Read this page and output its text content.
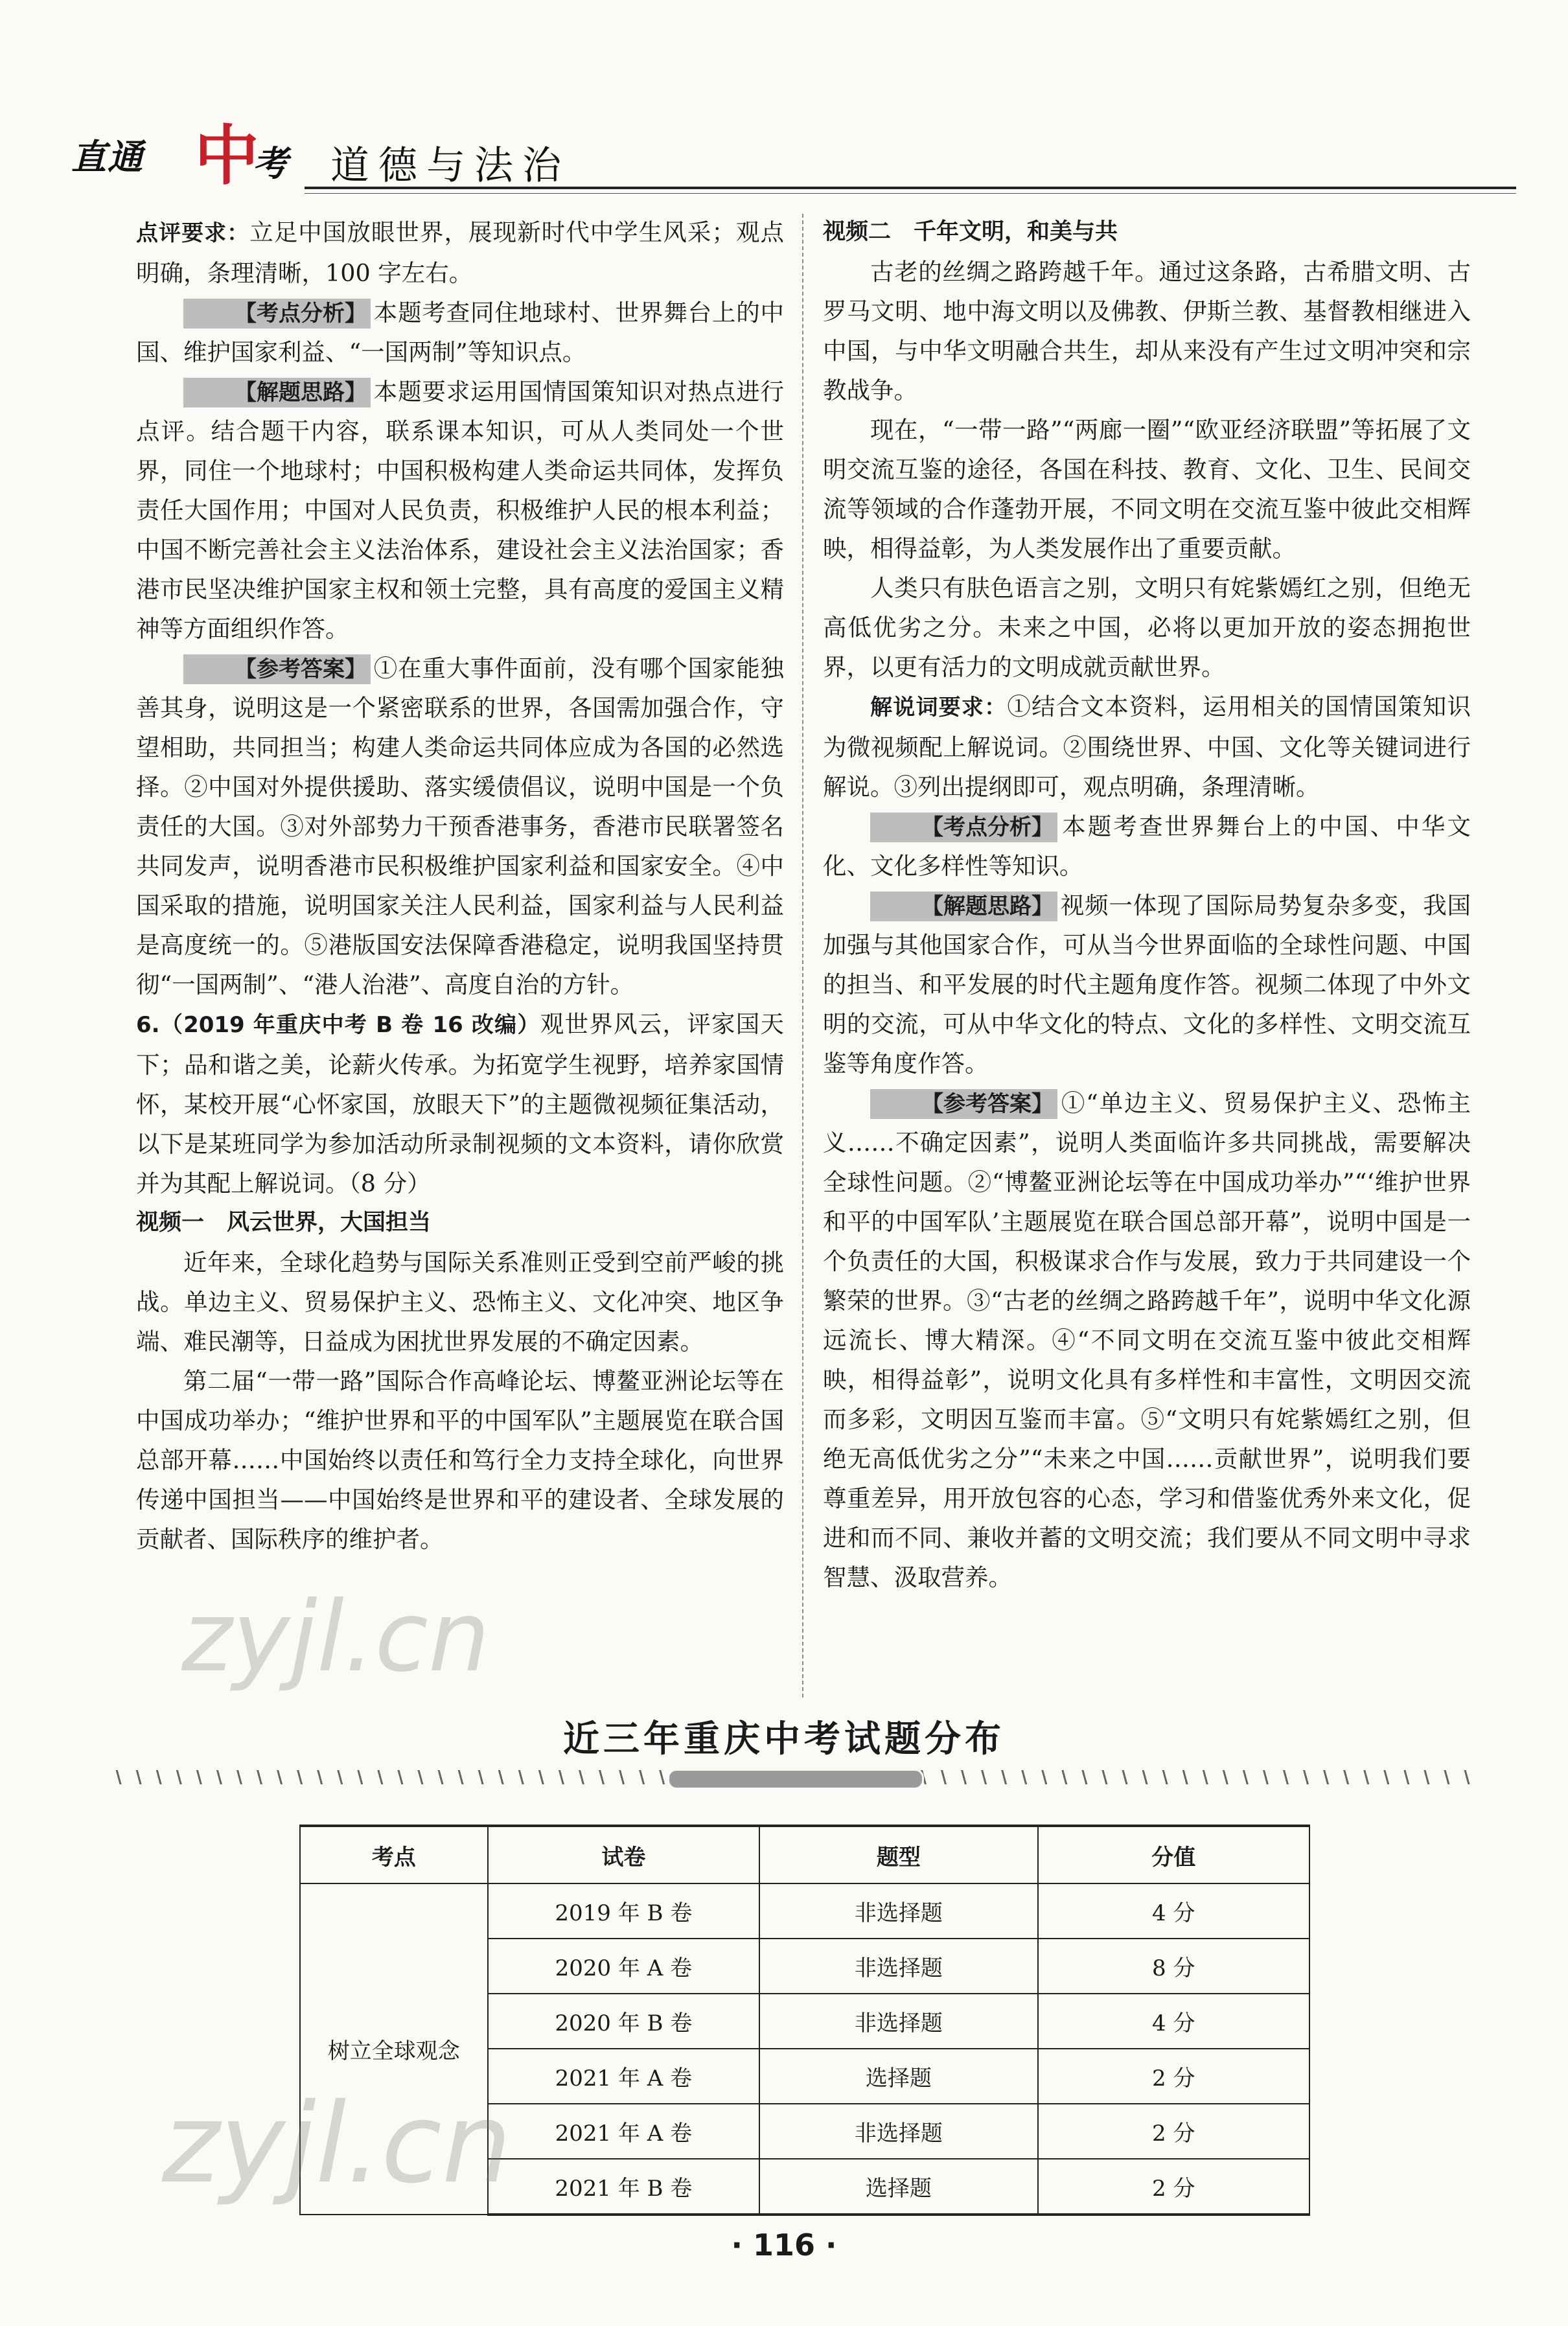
直通 中
考 道德与法治

点评要求：立足中国放眼世界，展现新时代中学生风采；观点明确，条理清晰，100 字左右。

【考点分析】 本题考查同住地球村、世界舞台上的中国、维护国家利益、“一国两制”等知识点。

【解题思路】 本题要求运用国情国策知识对热点进行点评。结合题干内容，联系课本知识，可从人类同处一个世界，同住一个地球村；中国积极构建人类命运共同体，发挥负责任大国作用；中国对人民负责，积极维护人民的根本利益；中国不断完善社会主义法治体系，建设社会主义法治国家；香港市民坚决维护国家主权和领土完整，具有高度的爱国主义精神等方面组织作答。

【参考答案】 ①在重大事件面前，没有哪个国家能独善其身，说明这是一个紧密联系的世界，各国需加强合作，守望相助，共同担当；构建人类命运共同体应成为各国的必然选择。②中国对外提供援助、落实缓债倡议，说明中国是一个负责任的大国。③对外部势力干预香港事务，香港市民联署签名共同发声，说明香港市民积极维护国家利益和国家安全。④中国采取的措施，说明国家关注人民利益，国家利益与人民利益是高度统一的。⑤港版国安法保障香港稳定，说明我国坚持贯彻“一国两制”、“港人治港”、高度自治的方针。

6.（2019 年重庆中考 B 卷 16 改编）观世界风云，评家国天下；品和谐之美，论薪火传承。为拓宽学生视野，培养家国情怀，某校开展“心怀家国，放眼天下”的主题微视频征集活动，以下是某班同学为参加活动所录制视频的文本资料，请你欣赏并为其配上解说词。（8 分）

视频一　风云世界，大国担当

近年来，全球化趋势与国际关系准则正受到空前严峻的挑战。单边主义、贸易保护主义、恐怖主义、文化冲突、地区争端、难民潮等，日益成为困扰世界发展的不确定因素。

第二届“一带一路”国际合作高峰论坛、博鳌亚洲论坛等在中国成功举办；“维护世界和平的中国军队”主题展览在联合国总部开幕……中国始终以责任和笃行全力支持全球化，向世界传递中国担当——中国始终是世界和平的建设者、全球发展的贡献者、国际秩序的维护者。

视频二　千年文明，和美与共

古老的丝绸之路跨越千年。通过这条路，古希腊文明、古罗马文明、地中海文明以及佛教、伊斯兰教、基督教相继进入中国，与中华文明融合共生，却从来没有产生过文明冲突和宗教战争。

现在，“一带一路”“两廊一圈”“欧亚经济联盟”等拓展了文明交流互鉴的途径，各国在科技、教育、文化、卫生、民间交流等领域的合作蓬勃开展，不同文明在交流互鉴中彼此交相辉映，相得益彰，为人类发展作出了重要贡献。

人类只有肤色语言之别，文明只有姹紫嫣红之别，但绝无高低优劣之分。未来之中国，必将以更加开放的姿态拥抱世界，以更有活力的文明成就贡献世界。

解说词要求：①结合文本资料，运用相关的国情国策知识为微视频配上解说词。②围绕世界、中国、文化等关键词进行解说。③列出提纲即可，观点明确，条理清晰。

【考点分析】 本题考查世界舞台上的中国、中华文化、文化多样性等知识。

【解题思路】 视频一体现了国际局势复杂多变，我国加强与其他国家合作，可从当今世界面临的全球性问题、中国的担当、和平发展的时代主题角度作答。视频二体现了中外文明的交流，可从中华文化的特点、文化的多样性、文明交流互鉴等角度作答。

【参考答案】 ①“单边主义、贸易保护主义、恐怖主义……不确定因素”，说明人类面临许多共同挑战，需要解决全球性问题。②“博鳌亚洲论坛等在中国成功举办”“‘维护世界和平的中国军队’主题展览在联合国总部开幕”，说明中国是一个负责任的大国，积极谋求合作与发展，致力于共同建设一个繁荣的世界。③“古老的丝绸之路跨越千年”，说明中华文化源远流长、博大精深。④“不同文明在交流互鉴中彼此交相辉映，相得益彰”，说明文化具有多样性和丰富性，文明因交流而多彩，文明因互鉴而丰富。⑤“文明只有姹紫嫣红之别，但绝无高低优劣之分”“未来之中国……贡献世界”，说明我们要尊重差异，用开放包容的心态，学习和借鉴优秀外来文化，促进和而不同、兼收并蓄的文明交流；我们要从不同文明中寻求智慧、汲取营养。

zyjl.cn
近三年重庆中考试题分布
考点	试卷	题型	分值
树立全球观念	2019 年 B 卷	非选择题	4 分
	2020 年 A 卷	非选择题	8 分
	2020 年 B 卷	非选择题	4 分
	2021 年 A 卷	选择题	2 分
	2021 年 A 卷	非选择题	2 分
	2021 年 B 卷	选择题	2 分
zyjl.cn
· 116 ·
